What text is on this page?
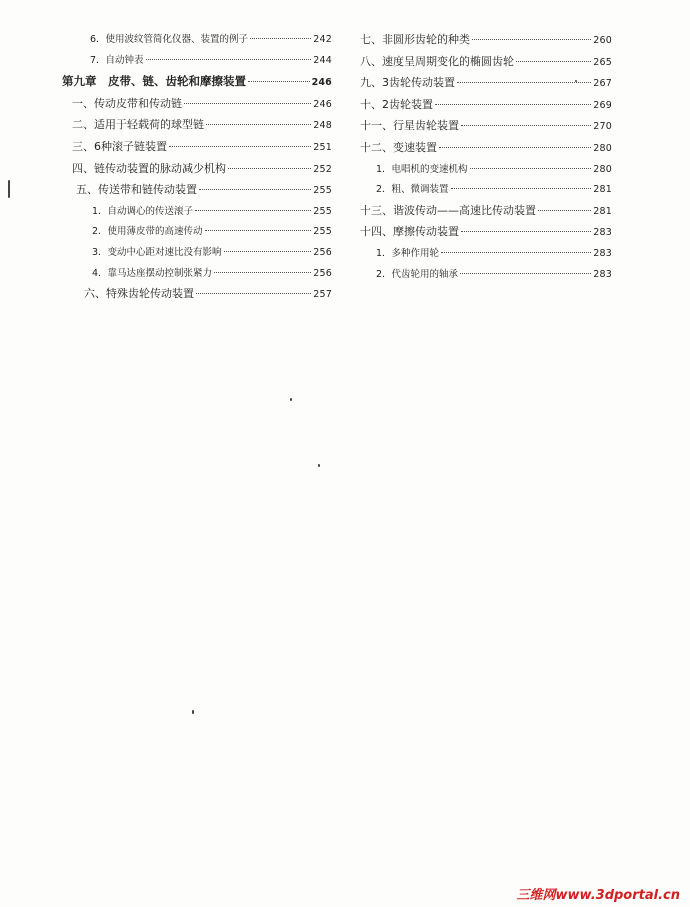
6．使用波纹管简化仪器、装置的例子	242
7．自动钟表	244
第九章　皮带、链、齿轮和摩擦装置	246
一、传动皮带和传动链	246
二、适用于轻载荷的球型链	248
三、6种滚子链装置	251
四、链传动装置的脉动减少机构	252
五、传送带和链传动装置	255
1．自动调心的传送滚子	255
2．使用薄皮带的高速传动	255
3．变动中心距对速比没有影响	256
4．靠马达座摆动控制张紧力	256
六、特殊齿轮传动装置	257
七、非圆形齿轮的种类	260
八、速度呈周期变化的椭圆齿轮	265
九、3齿轮传动装置	267
十、2齿轮装置	269
十一、行星齿轮装置	270
十二、变速装置	280
1．电唱机的变速机构	280
2．粗、微调装置	281
十三、谐波传动——高速比传动装置	281
十四、摩擦传动装置	283
1．多种作用轮	283
2．代齿轮用的轴承	283
三维网www.3dportal.cn
